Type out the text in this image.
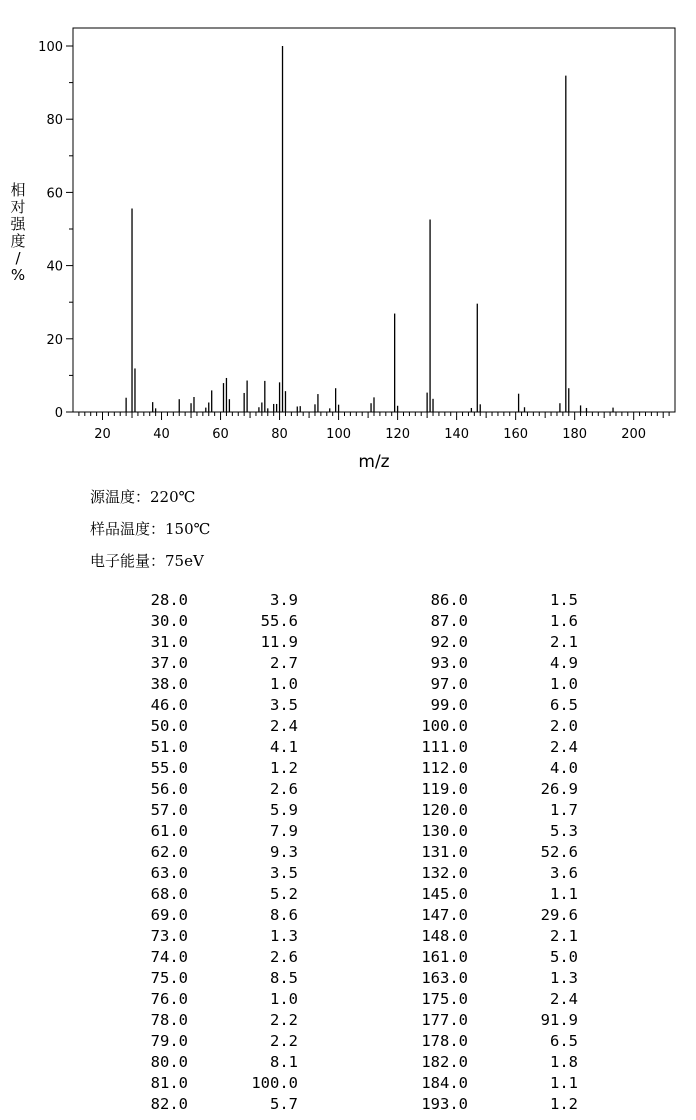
0
20
40
60
80
100
20	40	60	80	100	120	140	160	180	200
m/z
相
对
强
度
/
%
源温度：220℃
样品温度：150℃
电子能量：75eV
28.0	3.9
30.0	55.6
31.0	11.9
37.0	2.7
38.0	1.0
46.0	3.5
50.0	2.4
51.0	4.1
55.0	1.2
56.0	2.6
57.0	5.9
61.0	7.9
62.0	9.3
63.0	3.5
68.0	5.2
69.0	8.6
73.0	1.3
74.0	2.6
75.0	8.5
76.0	1.0
78.0	2.2
79.0	2.2
80.0	8.1
81.0	100.0
82.0	5.7
86.0	1.5
87.0	1.6
92.0	2.1
93.0	4.9
97.0	1.0
99.0	6.5
100.0	2.0
111.0	2.4
112.0	4.0
119.0	26.9
120.0	1.7
130.0	5.3
131.0	52.6
132.0	3.6
145.0	1.1
147.0	29.6
148.0	2.1
161.0	5.0
163.0	1.3
175.0	2.4
177.0	91.9
178.0	6.5
182.0	1.8
184.0	1.1
193.0	1.2
